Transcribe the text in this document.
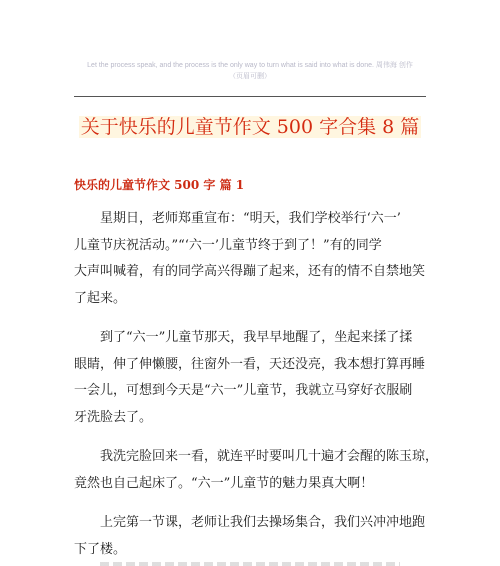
Let the process speak, and the process is the only way to turn what is said into what is done. 周伟海 创作
（页眉可删）
关于快乐的儿童节作文 500 字合集 8 篇
快乐的儿童节作文 500 字 篇 1

星期日，老师郑重宣布：“明天，我们学校举行‘六一’
儿童节庆祝活动。”“‘六一’儿童节终于到了！”有的同学
大声叫喊着，有的同学高兴得蹦了起来，还有的情不自禁地笑
了起来。

到了“六一”儿童节那天，我早早地醒了，坐起来揉了揉
眼睛，伸了伸懒腰，往窗外一看，天还没亮，我本想打算再睡
一会儿，可想到今天是“六一”儿童节，我就立马穿好衣服刷
牙洗脸去了。

我洗完脸回来一看，就连平时要叫几十遍才会醒的陈玉琼，
竟然也自己起床了。“六一”儿童节的魅力果真大啊！

上完第一节课，老师让我们去操场集合，我们兴冲冲地跑
下了楼。
